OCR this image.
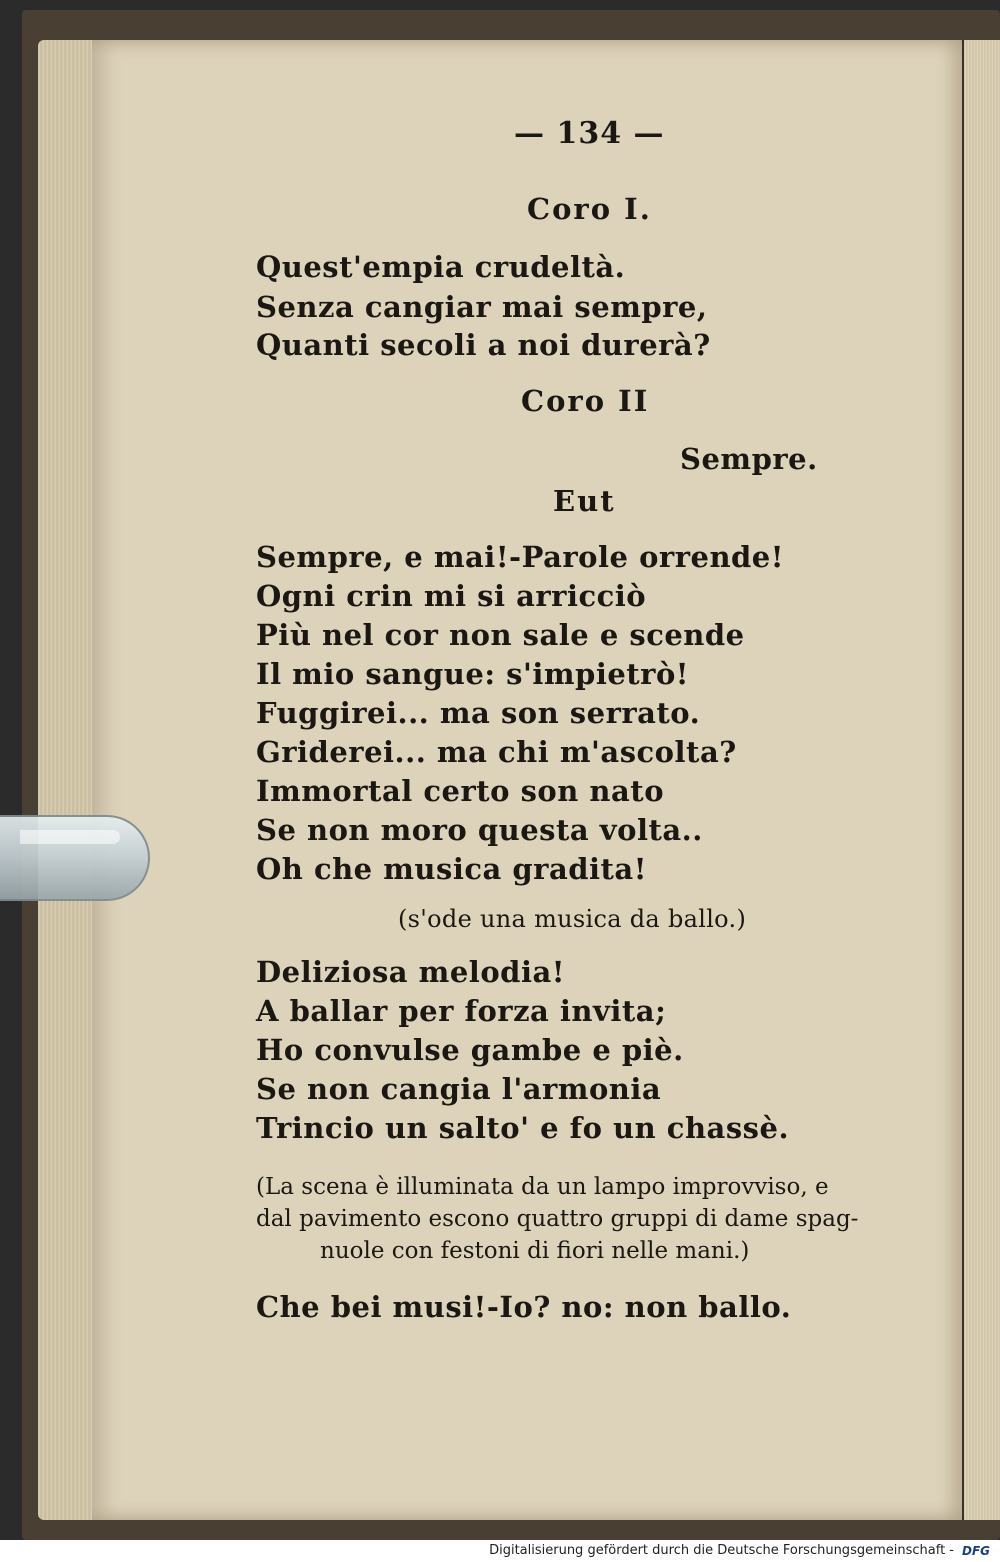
— 134 —
Coro I.
Quest'empia crudeltà.
Senza cangiar mai sempre,
Quanti secoli a noi durerà?
Coro II
Sempre.
Eut
Sempre, e mai!-Parole orrende!
Ogni crin mi si arricciò
Più nel cor non sale e scende
Il mio sangue: s'impietrò!
Fuggirei... ma son serrato.
Griderei... ma chi m'ascolta?
Immortal certo son nato
Se non moro questa volta..
Oh che musica gradita!
(s'ode una musica da ballo.)
Deliziosa melodia!
A ballar per forza invita;
Ho convulse gambe e piè.
Se non cangia l'armonia
Trincio un salto' e fo un chassè.
(La scena è illuminata da un lampo improvviso, e
dal pavimento escono quattro gruppi di dame spag-
nuole con festoni di fiori nelle mani.)
Che bei musi!-Io? no: non ballo.
Digitalisierung gefördert durch die Deutsche Forschungsgemeinschaft - DFG
